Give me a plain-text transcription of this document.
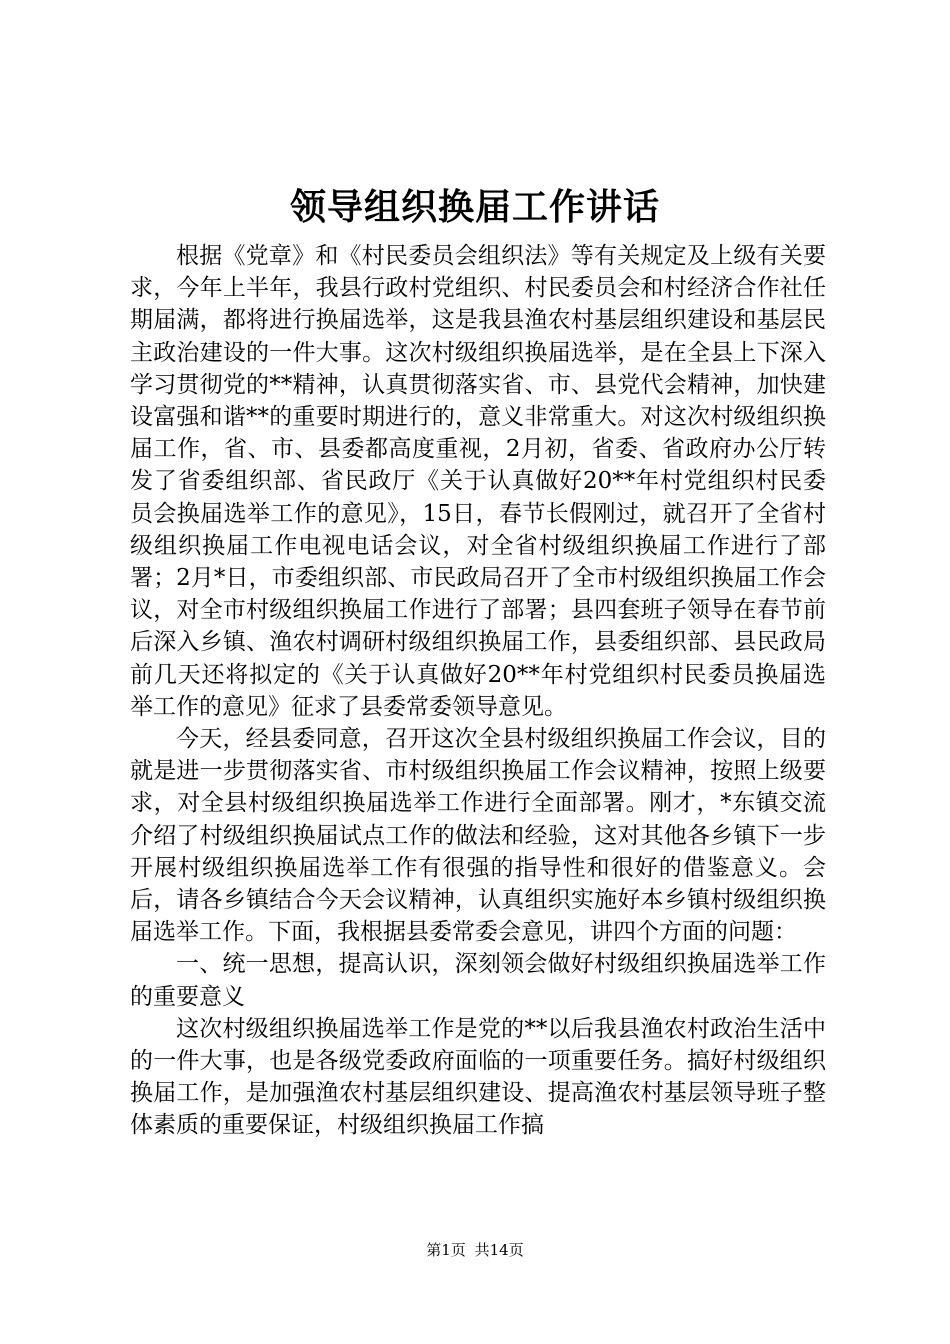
领导组织换届工作讲话

根据《党章》和《村民委员会组织法》等有关规定及上级有关要求，今年上半年，我县行政村党组织、村民委员会和村经济合作社任期届满，都将进行换届选举，这是我县渔农村基层组织建设和基层民主政治建设的一件大事。这次村级组织换届选举，是在全县上下深入学习贯彻党的**精神，认真贯彻落实省、市、县党代会精神，加快建设富强和谐**的重要时期进行的，意义非常重大。对这次村级组织换届工作，省、市、县委都高度重视，2月初，省委、省政府办公厅转发了省委组织部、省民政厅《关于认真做好20**年村党组织村民委员会换届选举工作的意见》，15日，春节长假刚过，就召开了全省村级组织换届工作电视电话会议，对全省村级组织换届工作进行了部署；2月*日，市委组织部、市民政局召开了全市村级组织换届工作会议，对全市村级组织换届工作进行了部署；县四套班子领导在春节前后深入乡镇、渔农村调研村级组织换届工作，县委组织部、县民政局前几天还将拟定的《关于认真做好20**年村党组织村民委员换届选举工作的意见》征求了县委常委领导意见。

今天，经县委同意，召开这次全县村级组织换届工作会议，目的就是进一步贯彻落实省、市村级组织换届工作会议精神，按照上级要求，对全县村级组织换届选举工作进行全面部署。刚才，*东镇交流介绍了村级组织换届试点工作的做法和经验，这对其他各乡镇下一步开展村级组织换届选举工作有很强的指导性和很好的借鉴意义。会后，请各乡镇结合今天会议精神，认真组织实施好本乡镇村级组织换届选举工作。下面，我根据县委常委会意见，讲四个方面的问题：

一、统一思想，提高认识，深刻领会做好村级组织换届选举工作的重要意义

这次村级组织换届选举工作是党的**以后我县渔农村政治生活中的一件大事，也是各级党委政府面临的一项重要任务。搞好村级组织换届工作，是加强渔农村基层组织建设、提高渔农村基层领导班子整体素质的重要保证，村级组织换届工作搞

第1页 共14页
